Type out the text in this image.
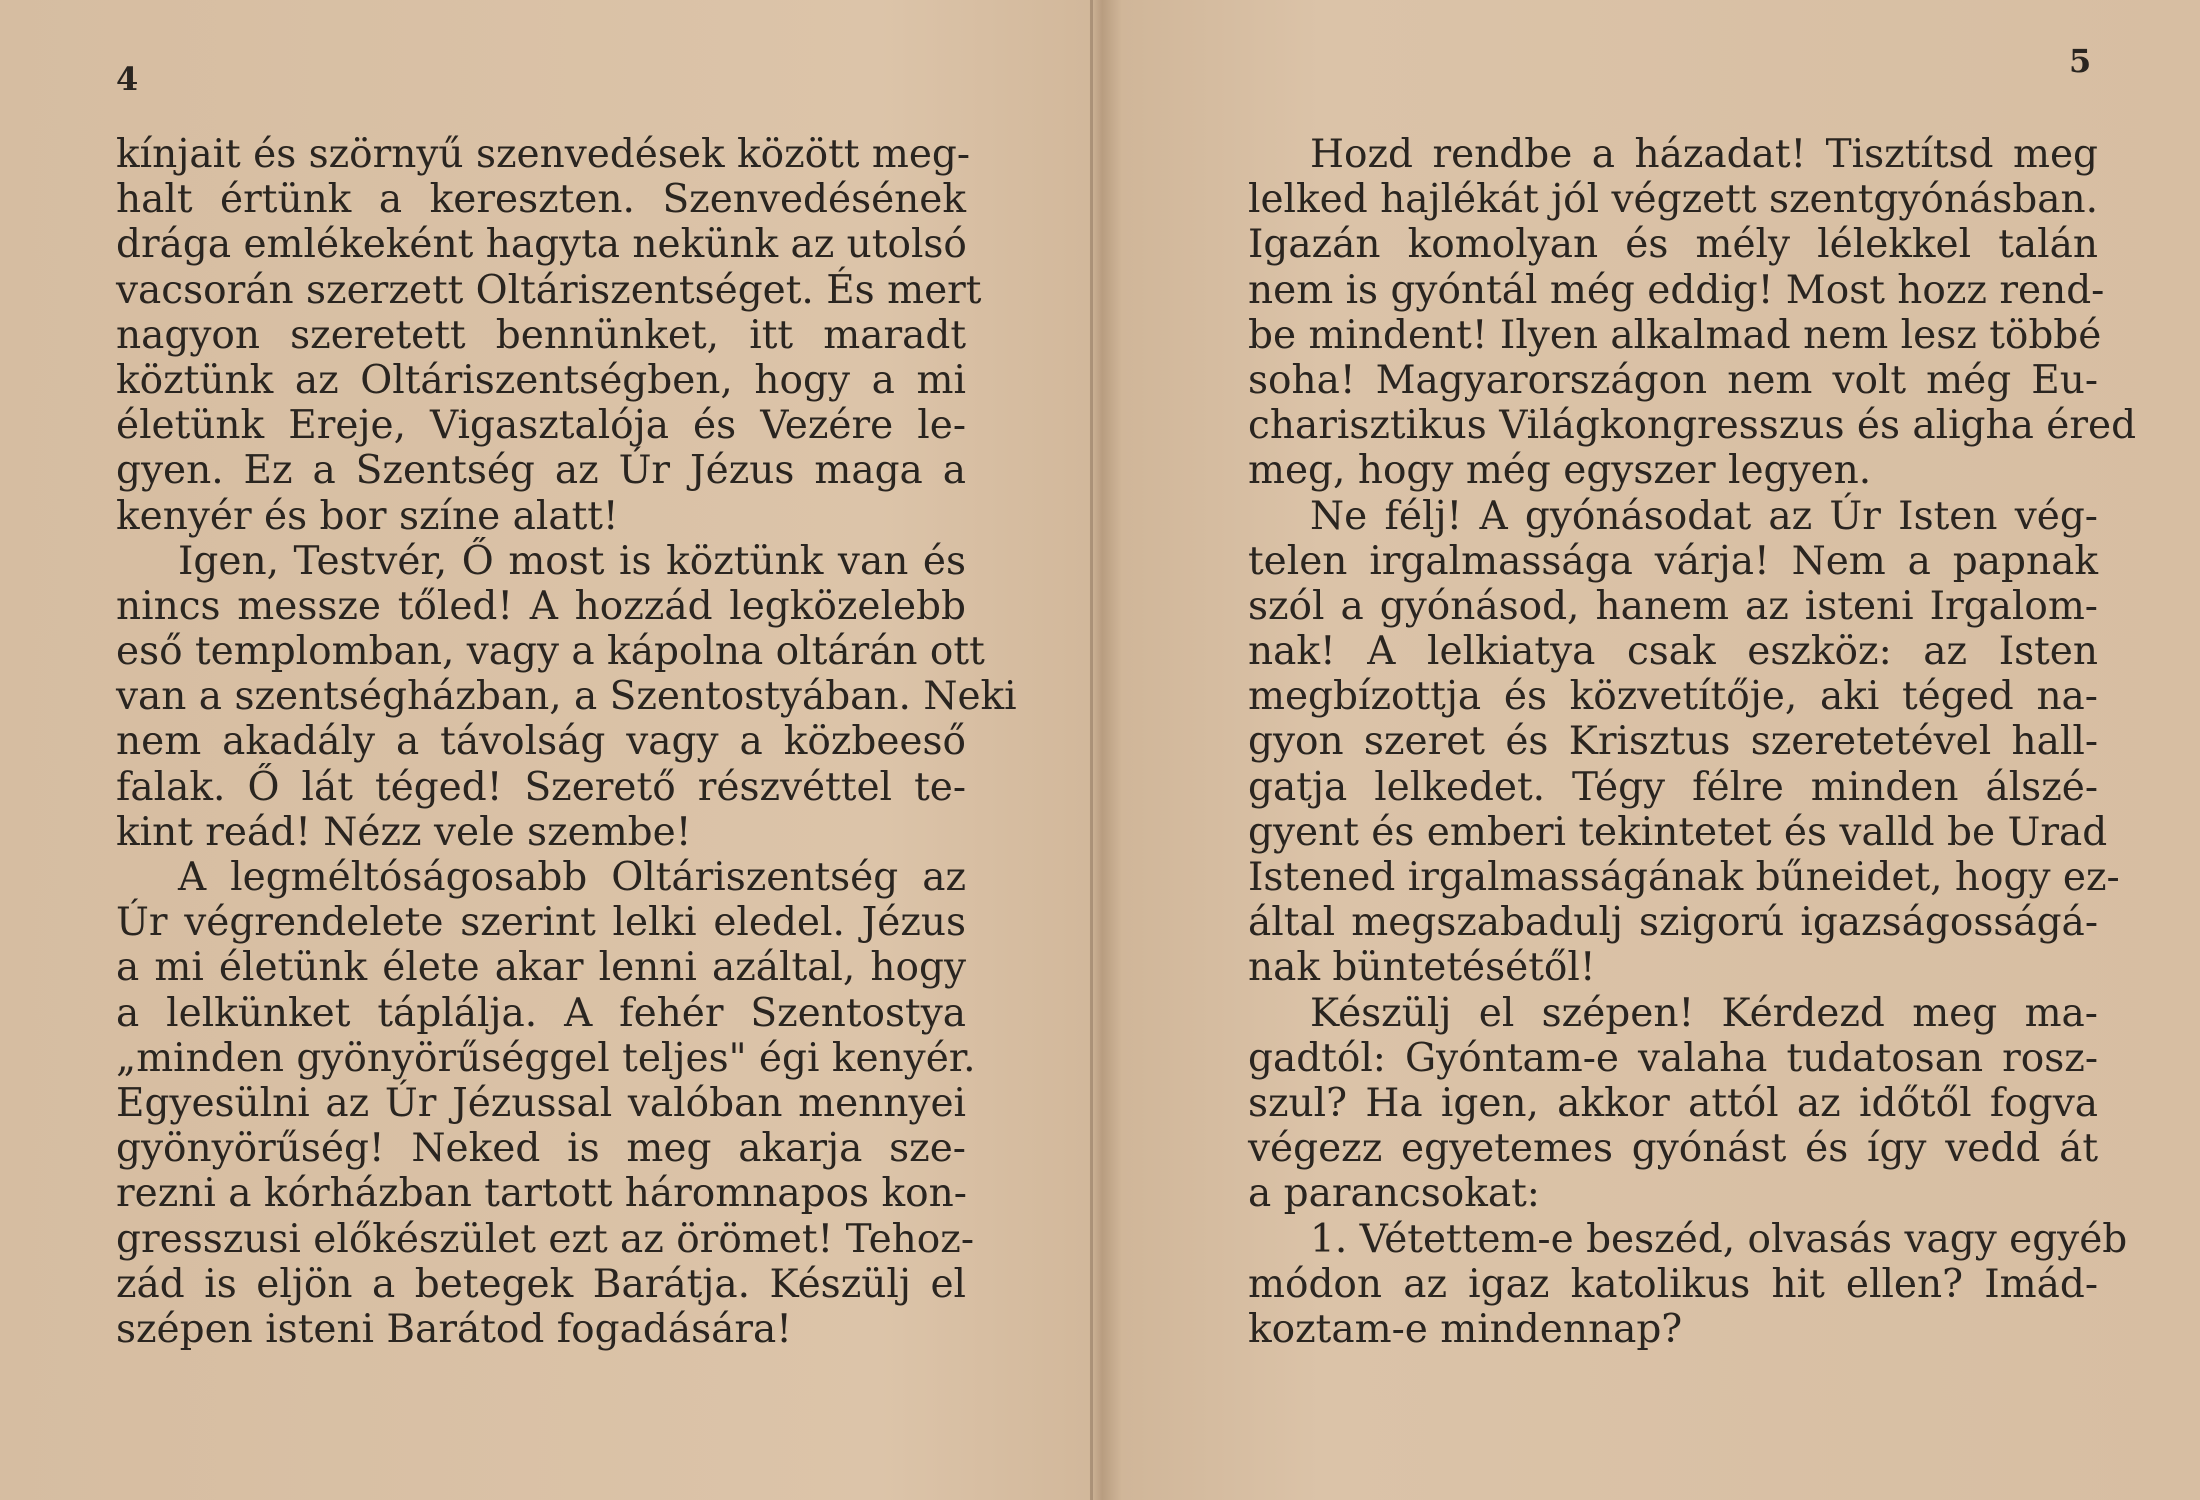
4	5
kínjait és szörnyű szenvedések között meg-
halt értünk a kereszten. Szenvedésének
drága emlékeként hagyta nekünk az utolsó
vacsorán szerzett Oltáriszentséget. És mert
nagyon szeretett bennünket, itt maradt
köztünk az Oltáriszentségben, hogy a mi
életünk Ereje, Vigasztalója és Vezére le-
gyen. Ez a Szentség az Úr Jézus maga a
kenyér és bor színe alatt!
Igen, Testvér, Ő most is köztünk van és
nincs messze tőled! A hozzád legközelebb
eső templomban, vagy a kápolna oltárán ott
van a szentségházban, a Szentostyában. Neki
nem akadály a távolság vagy a közbeeső
falak. Ő lát téged! Szerető részvéttel te-
kint reád! Nézz vele szembe!
A legméltóságosabb Oltáriszentség az
Úr végrendelete szerint lelki eledel. Jézus
a mi életünk élete akar lenni azáltal, hogy
a lelkünket táplálja. A fehér Szentostya
„minden gyönyörűséggel teljes" égi kenyér.
Egyesülni az Úr Jézussal valóban mennyei
gyönyörűség! Neked is meg akarja sze-
rezni a kórházban tartott háromnapos kon-
gresszusi előkészület ezt az örömet! Tehoz-
zád is eljön a betegek Barátja. Készülj el
szépen isteni Barátod fogadására!
Hozd rendbe a házadat! Tisztítsd meg
lelked hajlékát jól végzett szentgyónásban.
Igazán komolyan és mély lélekkel talán
nem is gyóntál még eddig! Most hozz rend-
be mindent! Ilyen alkalmad nem lesz többé
soha! Magyarországon nem volt még Eu-
charisztikus Világkongresszus és aligha éred
meg, hogy még egyszer legyen.
Ne félj! A gyónásodat az Úr Isten vég-
telen irgalmassága várja! Nem a papnak
szól a gyónásod, hanem az isteni Irgalom-
nak! A lelkiatya csak eszköz: az Isten
megbízottja és közvetítője, aki téged na-
gyon szeret és Krisztus szeretetével hall-
gatja lelkedet. Tégy félre minden álszé-
gyent és emberi tekintetet és valld be Urad
Istened irgalmasságának bűneidet, hogy ez-
által megszabadulj szigorú igazságosságá-
nak büntetésétől!
Készülj el szépen! Kérdezd meg ma-
gadtól: Gyóntam-e valaha tudatosan rosz-
szul? Ha igen, akkor attól az időtől fogva
végezz egyetemes gyónást és így vedd át
a parancsokat:
1. Vétettem-e beszéd, olvasás vagy egyéb
módon az igaz katolikus hit ellen? Imád-
koztam-e mindennap?
